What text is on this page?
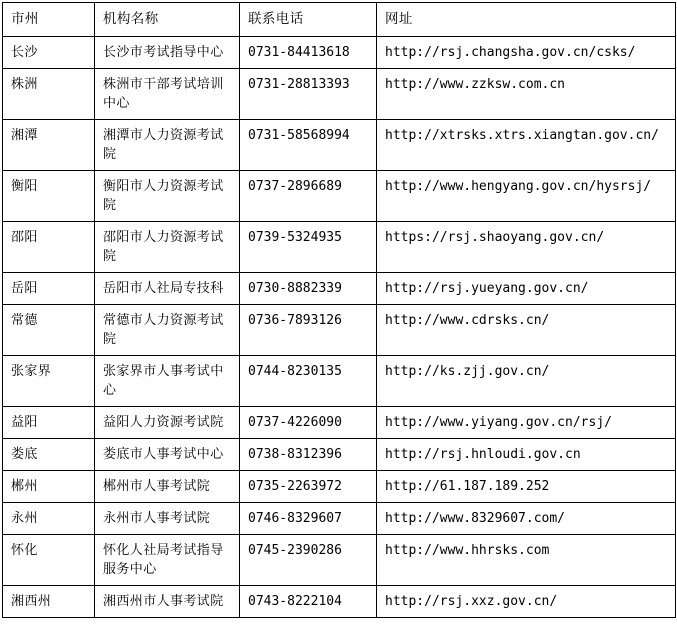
市州	机构名称	联系电话	网址
长沙	长沙市考试指导中心	0731-84413618	http://rsj.changsha.gov.cn/csks/
株洲	株洲市干部考试培训中心	0731-28813393	http://www.zzksw.com.cn
湘潭	湘潭市人力资源考试院	0731-58568994	http://xtrsks.xtrs.xiangtan.gov.cn/
衡阳	衡阳市人力资源考试院	0737-2896689	http://www.hengyang.gov.cn/hysrsj/
邵阳	邵阳市人力资源考试院	0739-5324935	https://rsj.shaoyang.gov.cn/
岳阳	岳阳市人社局专技科	0730-8882339	http://rsj.yueyang.gov.cn/
常德	常德市人力资源考试院	0736-7893126	http://www.cdrsks.cn/
张家界	张家界市人事考试中心	0744-8230135	http://ks.zjj.gov.cn/
益阳	益阳人力资源考试院	0737-4226090	http://www.yiyang.gov.cn/rsj/
娄底	娄底市人事考试中心	0738-8312396	http://rsj.hnloudi.gov.cn
郴州	郴州市人事考试院	0735-2263972	http://61.187.189.252
永州	永州市人事考试院	0746-8329607	http://www.8329607.com/
怀化	怀化人社局考试指导服务中心	0745-2390286	http://www.hhrsks.com
湘西州	湘西州市人事考试院	0743-8222104	http://rsj.xxz.gov.cn/
